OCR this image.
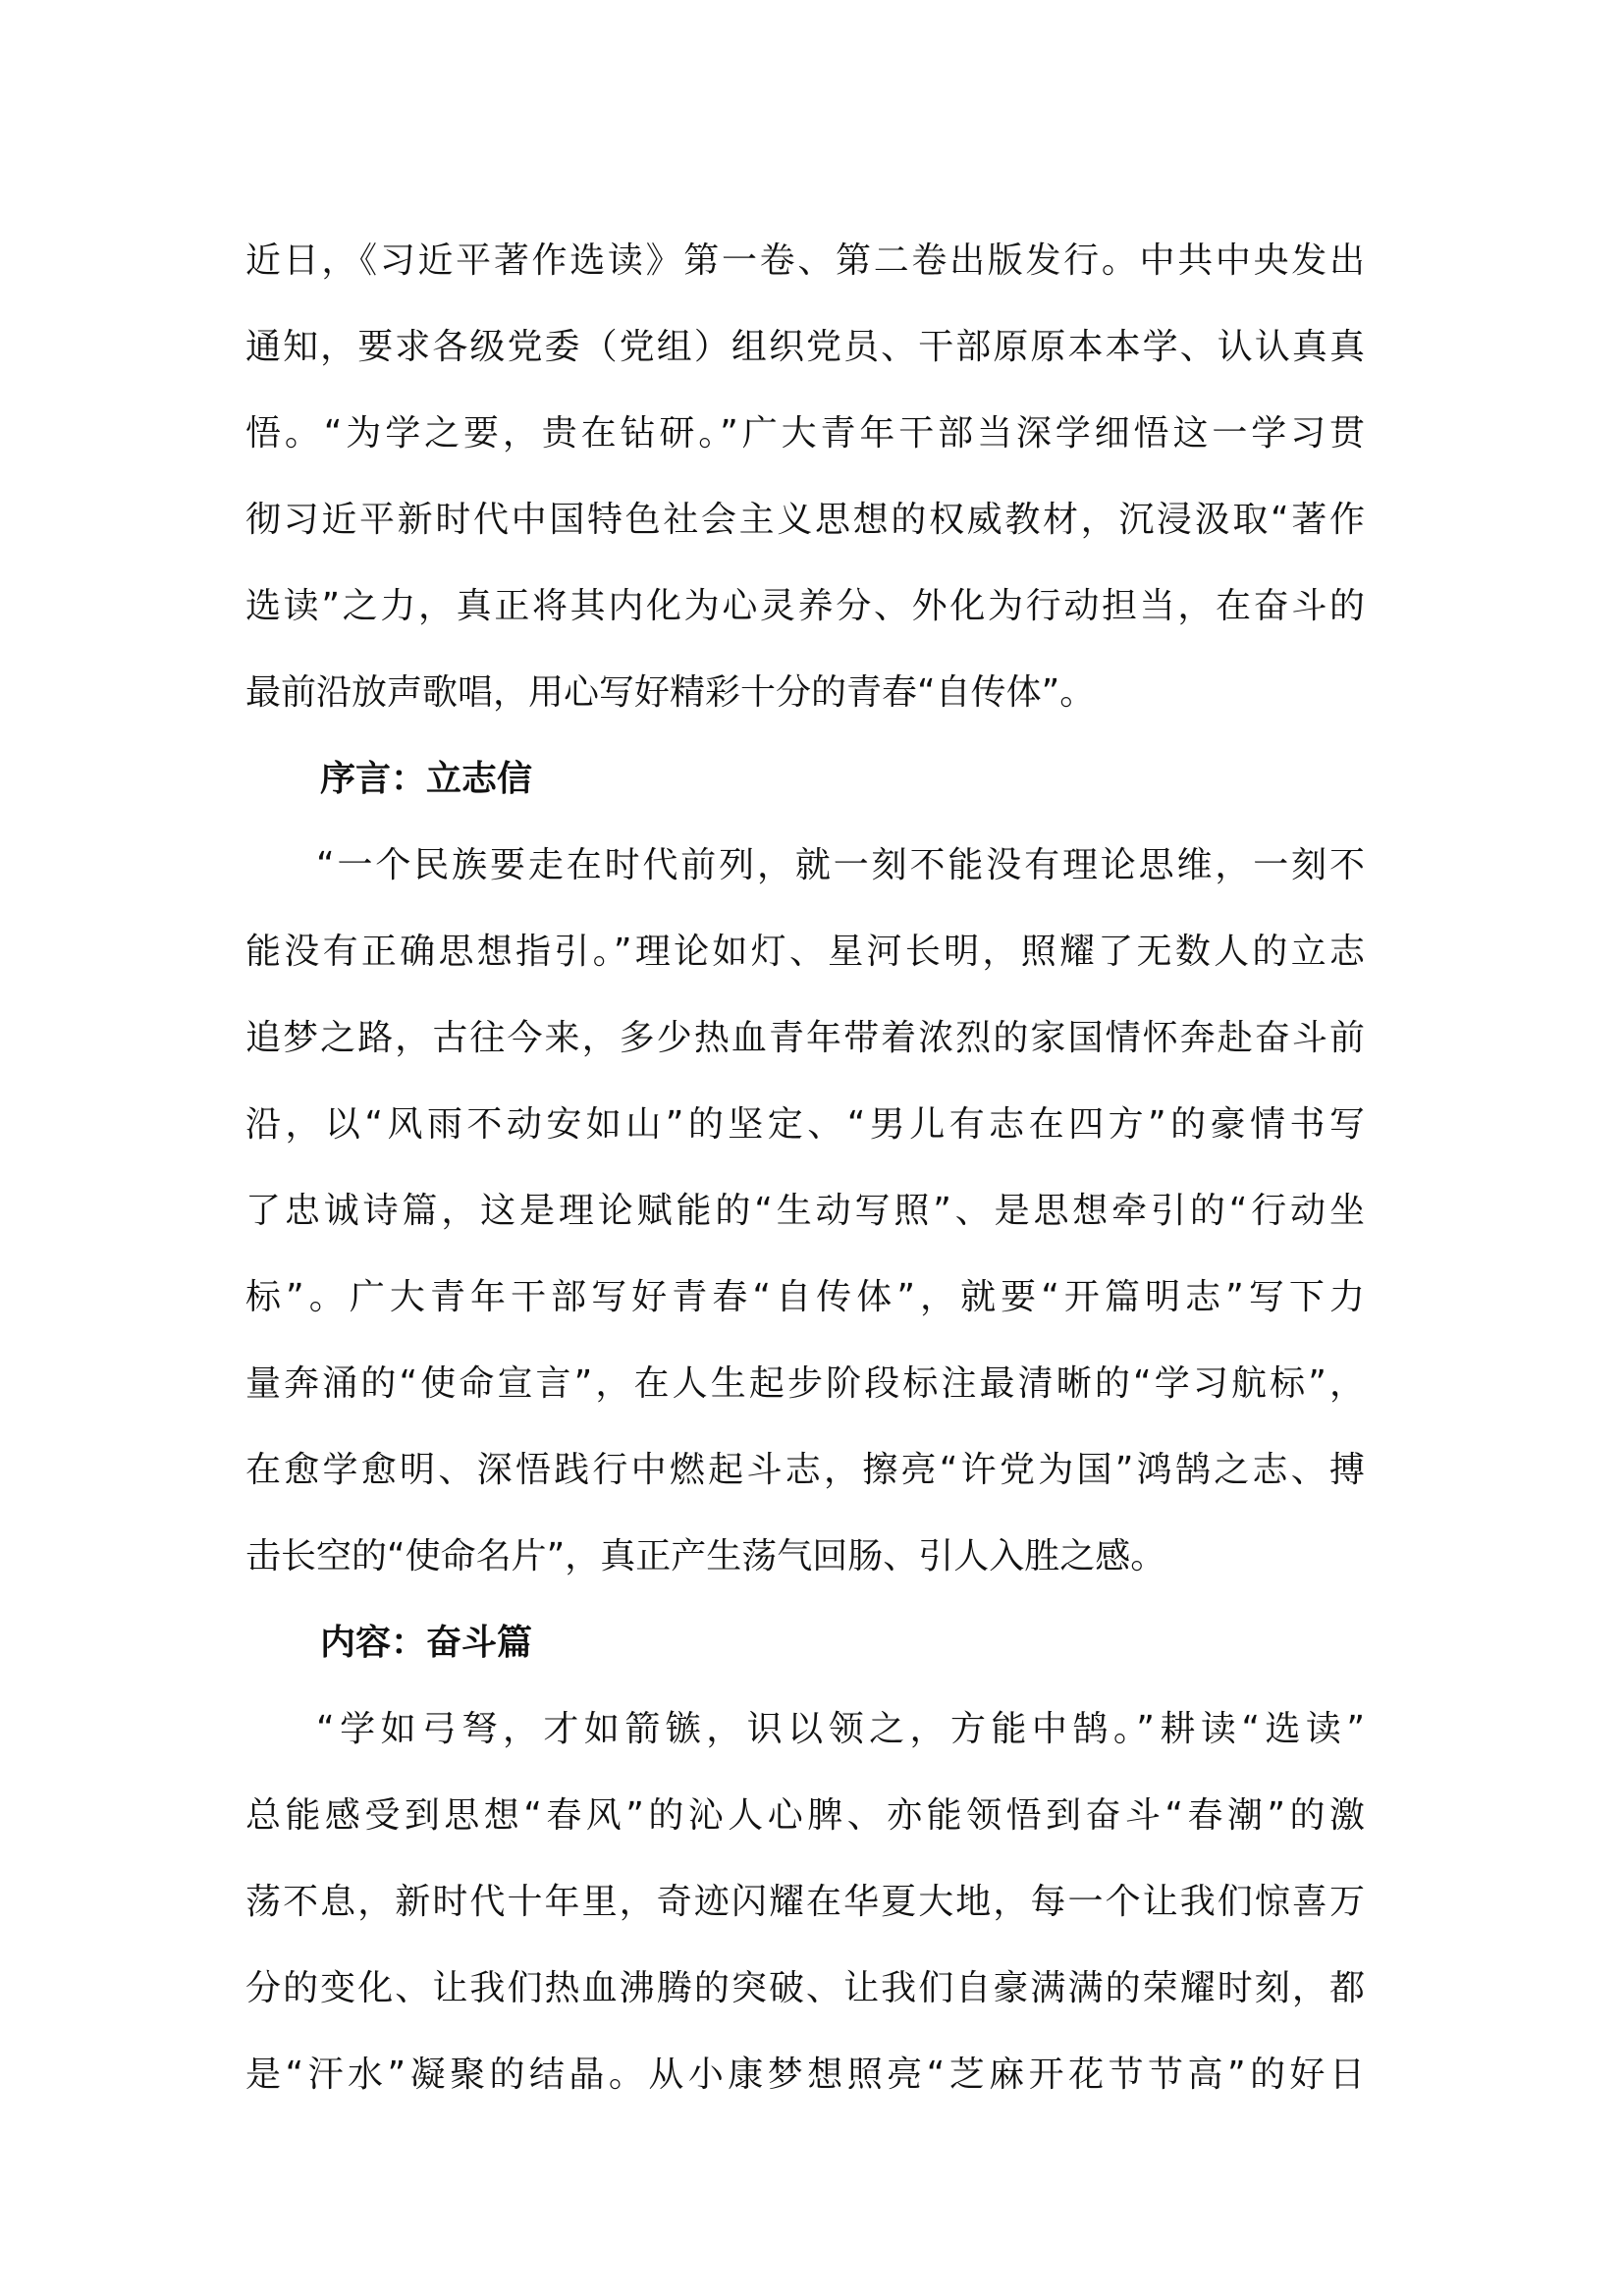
近日，《习近平著作选读》第一卷、第二卷出版发行。中共中央发出
通知，要求各级党委（党组）组织党员、干部原原本本学、认认真真
悟。“为学之要，贵在钻研。”广大青年干部当深学细悟这一学习贯
彻习近平新时代中国特色社会主义思想的权威教材，沉浸汲取“著作
选读”之力，真正将其内化为心灵养分、外化为行动担当，在奋斗的
最前沿放声歌唱，用心写好精彩十分的青春“自传体”。
序言：立志信
“一个民族要走在时代前列，就一刻不能没有理论思维，一刻不
能没有正确思想指引。”理论如灯、星河长明，照耀了无数人的立志
追梦之路，古往今来，多少热血青年带着浓烈的家国情怀奔赴奋斗前
沿，以“风雨不动安如山”的坚定、“男儿有志在四方”的豪情书写
了忠诚诗篇，这是理论赋能的“生动写照”、是思想牵引的“行动坐
标”。广大青年干部写好青春“自传体”，就要“开篇明志”写下力
量奔涌的“使命宣言”，在人生起步阶段标注最清晰的“学习航标”，
在愈学愈明、深悟践行中燃起斗志，擦亮“许党为国”鸿鹄之志、搏
击长空的“使命名片”，真正产生荡气回肠、引人入胜之感。
内容：奋斗篇
“学如弓弩，才如箭镞，识以领之，方能中鹄。”耕读“选读”
总能感受到思想“春风”的沁人心脾、亦能领悟到奋斗“春潮”的激
荡不息，新时代十年里，奇迹闪耀在华夏大地，每一个让我们惊喜万
分的变化、让我们热血沸腾的突破、让我们自豪满满的荣耀时刻，都
是“汗水”凝聚的结晶。从小康梦想照亮“芝麻开花节节高”的好日
